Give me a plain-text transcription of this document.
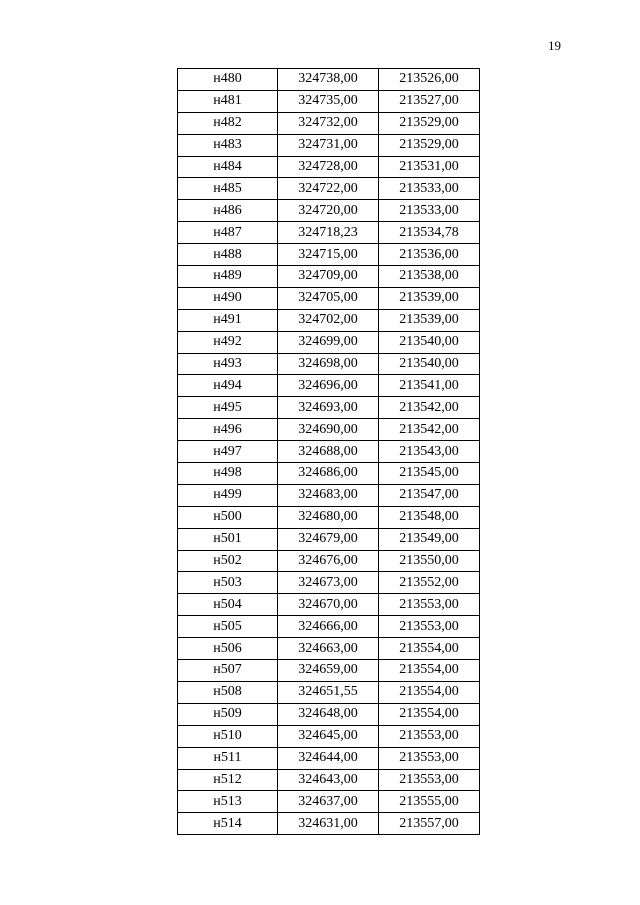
19
н480	324738,00	213526,00
н481	324735,00	213527,00
н482	324732,00	213529,00
н483	324731,00	213529,00
н484	324728,00	213531,00
н485	324722,00	213533,00
н486	324720,00	213533,00
н487	324718,23	213534,78
н488	324715,00	213536,00
н489	324709,00	213538,00
н490	324705,00	213539,00
н491	324702,00	213539,00
н492	324699,00	213540,00
н493	324698,00	213540,00
н494	324696,00	213541,00
н495	324693,00	213542,00
н496	324690,00	213542,00
н497	324688,00	213543,00
н498	324686,00	213545,00
н499	324683,00	213547,00
н500	324680,00	213548,00
н501	324679,00	213549,00
н502	324676,00	213550,00
н503	324673,00	213552,00
н504	324670,00	213553,00
н505	324666,00	213553,00
н506	324663,00	213554,00
н507	324659,00	213554,00
н508	324651,55	213554,00
н509	324648,00	213554,00
н510	324645,00	213553,00
н511	324644,00	213553,00
н512	324643,00	213553,00
н513	324637,00	213555,00
н514	324631,00	213557,00
